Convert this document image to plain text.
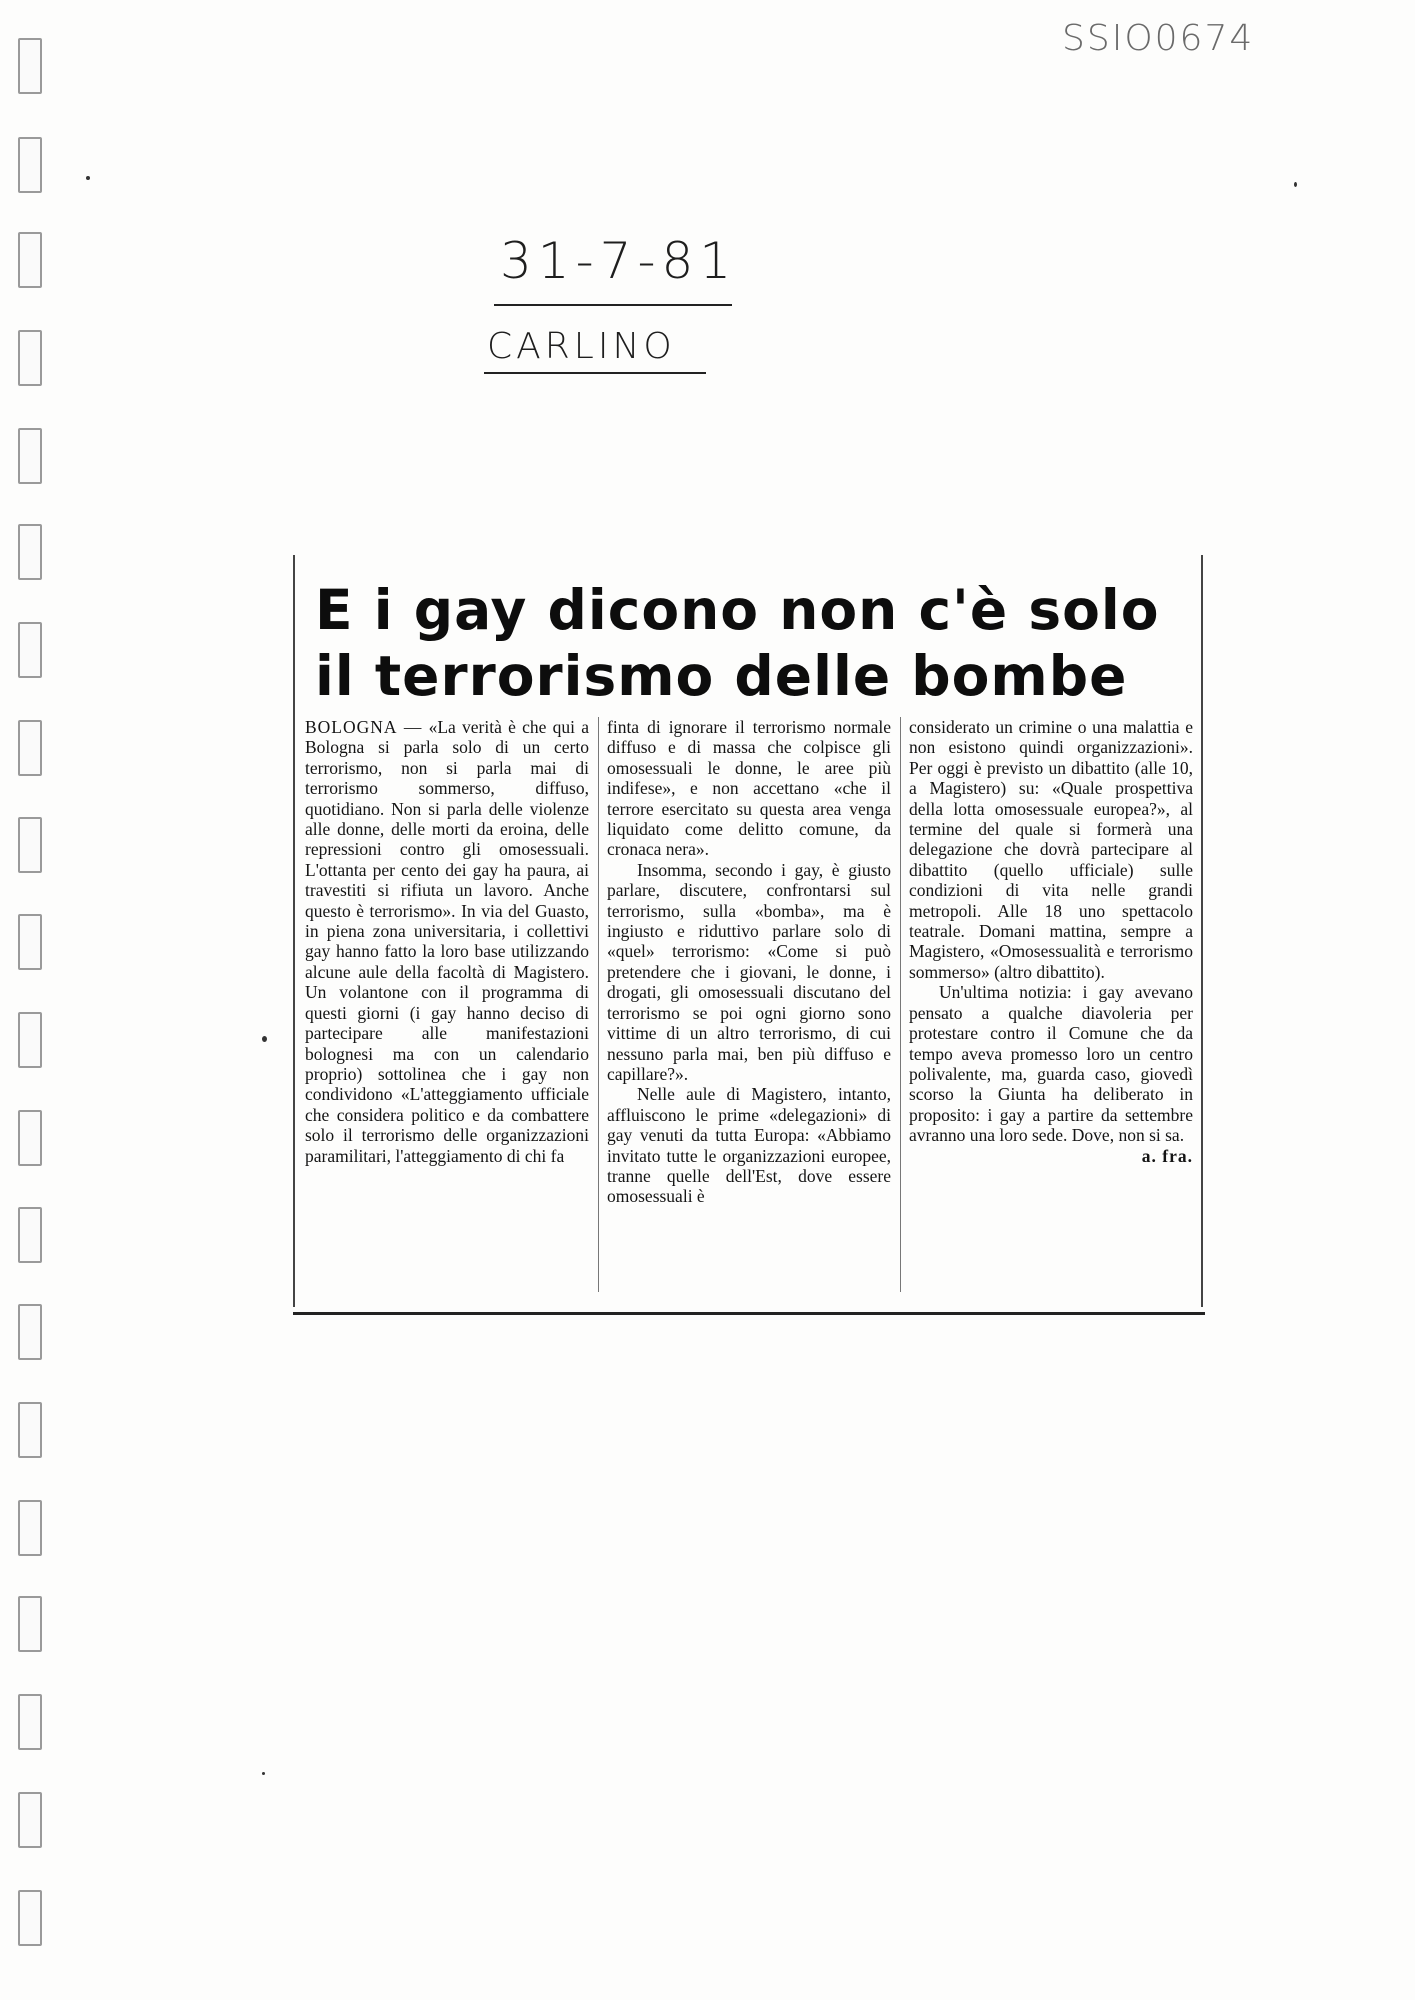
SSIO0674
31-7-81
CARLINO
E i gay dicono non c'è solo il terrorismo delle bombe

BOLOGNA — «La verità è che qui a Bologna si parla solo di un certo terrorismo, non si parla mai di terrorismo sommerso, diffuso, quotidiano. Non si parla delle violenze alle donne, delle morti da eroina, delle repressioni contro gli omosessuali. L'ottanta per cento dei gay ha paura, ai travestiti si rifiuta un lavoro. Anche questo è terrorismo». In via del Guasto, in piena zona universitaria, i collettivi gay hanno fatto la loro base utilizzando alcune aule della facoltà di Magistero. Un volantone con il programma di questi giorni (i gay hanno deciso di partecipare alle manifestazioni bolognesi ma con un calendario proprio) sottolinea che i gay non condividono «L'atteggiamento ufficiale che considera politico e da combattere solo il terrorismo delle organizzazioni paramilitari, l'atteggiamento di chi fa

finta di ignorare il terrorismo normale diffuso e di massa che colpisce gli omosessuali le donne, le aree più indifese», e non accettano «che il terrore esercitato su questa area venga liquidato come delitto comune, da cronaca nera».

Insomma, secondo i gay, è giusto parlare, discutere, confrontarsi sul terrorismo, sulla «bomba», ma è ingiusto e riduttivo parlare solo di «quel» terrorismo: «Come si può pretendere che i giovani, le donne, i drogati, gli omosessuali discutano del terrorismo se poi ogni giorno sono vittime di un altro terrorismo, di cui nessuno parla mai, ben più diffuso e capillare?».

Nelle aule di Magistero, intanto, affluiscono le prime «delegazioni» di gay venuti da tutta Europa: «Abbiamo invitato tutte le organizzazioni europee, tranne quelle dell'Est, dove essere omosessuali è

considerato un crimine o una malattia e non esistono quindi organizzazioni». Per oggi è previsto un dibattito (alle 10, a Magistero) su: «Quale prospettiva della lotta omosessuale europea?», al termine del quale si formerà una delegazione che dovrà partecipare al dibattito (quello ufficiale) sulle condizioni di vita nelle grandi metropoli. Alle 18 uno spettacolo teatrale. Domani mattina, sempre a Magistero, «Omosessualità e terrorismo sommerso» (altro dibattito).

Un'ultima notizia: i gay avevano pensato a qualche diavoleria per protestare contro il Comune che da tempo aveva promesso loro un centro polivalente, ma, guarda caso, giovedì scorso la Giunta ha deliberato in proposito: i gay a partire da settembre avranno una loro sede. Dove, non si sa.
a. fra.
